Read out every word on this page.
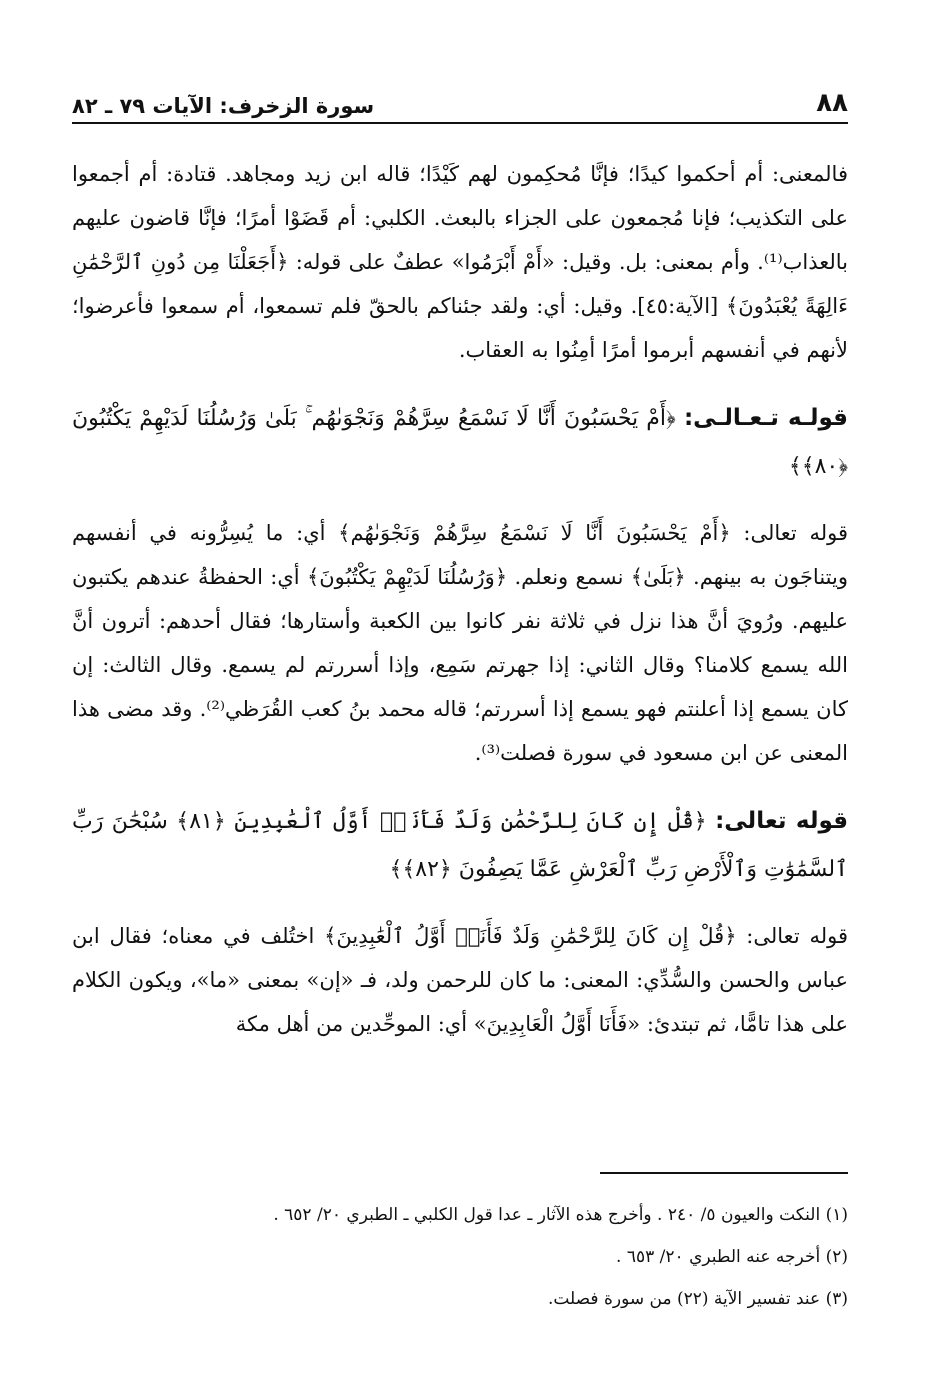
٨٨
سورة الزخرف: الآيات ٧٩ ـ ٨٢

فالمعنى: أم أحكموا كيدًا؛ فإنَّا مُحكِمون لهم كَيْدًا؛ قاله ابن زيد ومجاهد. قتادة: أم أجمعوا على التكذيب؛ فإنا مُجمعون على الجزاء بالبعث. الكلبي: أم قَضَوْا أمرًا؛ فإنَّا قاضون عليهم بالعذاب⁽¹⁾. وأم بمعنى: بل. وقيل: «أَمْ أَبْرَمُوا» عطفٌ على قوله: ﴿أَجَعَلْنَا مِن دُونِ ٱلرَّحْمَٰنِ ءَالِهَةً يُعْبَدُونَ﴾ [الآية:٤٥]. وقيل: أي: ولقد جئناكم بالحقّ فلم تسمعوا، أم سمعوا فأعرضوا؛ لأنهم في أنفسهم أبرموا أمرًا أمِنُوا به العقاب.

قولـه تـعـالـى: ﴿أَمْ يَحْسَبُونَ أَنَّا لَا نَسْمَعُ سِرَّهُمْ وَنَجْوَىٰهُم ۚ بَلَىٰ وَرُسُلُنَا لَدَيْهِمْ يَكْتُبُونَ ﴿٨٠﴾﴾

قوله تعالى: ﴿أَمْ يَحْسَبُونَ أَنَّا لَا نَسْمَعُ سِرَّهُمْ وَنَجْوَىٰهُم﴾ أي: ما يُسِرُّونه في أنفسهم ويتناجَون به بينهم. ﴿بَلَىٰ﴾ نسمع ونعلم. ﴿وَرُسُلُنَا لَدَيْهِمْ يَكْتُبُونَ﴾ أي: الحفظةُ عندهم يكتبون عليهم. ورُويَ أنَّ هذا نزل في ثلاثة نفر كانوا بين الكعبة وأستارها؛ فقال أحدهم: أترون أنَّ الله يسمع كلامنا؟ وقال الثاني: إذا جهرتم سَمِع، وإذا أسررتم لم يسمع. وقال الثالث: إن كان يسمع إذا أعلنتم فهو يسمع إذا أسررتم؛ قاله محمد بنُ كعب القُرَظي⁽²⁾. وقد مضى هذا المعنى عن ابن مسعود في سورة فصلت⁽³⁾.

قوله تعالى: ﴿قُلْ إِن كَانَ لِلرَّحْمَٰنِ وَلَدٌ فَأَنَا۠ أَوَّلُ ٱلْعَٰبِدِينَ ﴿٨١﴾ سُبْحَٰنَ رَبِّ ٱلسَّمَٰوَٰتِ وَٱلْأَرْضِ رَبِّ ٱلْعَرْشِ عَمَّا يَصِفُونَ ﴿٨٢﴾﴾

قوله تعالى: ﴿قُلْ إِن كَانَ لِلرَّحْمَٰنِ وَلَدٌ فَأَنَا۠ أَوَّلُ ٱلْعَٰبِدِينَ﴾ اختُلف في معناه؛ فقال ابن عباس والحسن والسُّدِّي: المعنى: ما كان للرحمن ولد، فـ «إن» بمعنى «ما»، ويكون الكلام على هذا تامًّا، ثم تبتدئ: «فَأَنَا أَوَّلُ الْعَابِدِينَ» أي: الموحِّدين من أهل مكة

(١) النكت والعيون ٥/ ٢٤٠ . وأخرج هذه الآثار ـ عدا قول الكلبي ـ الطبري ٢٠/ ٦٥٢ .

(٢) أخرجه عنه الطبري ٢٠/ ٦٥٣ .

(٣) عند تفسير الآية (٢٢) من سورة فصلت.
